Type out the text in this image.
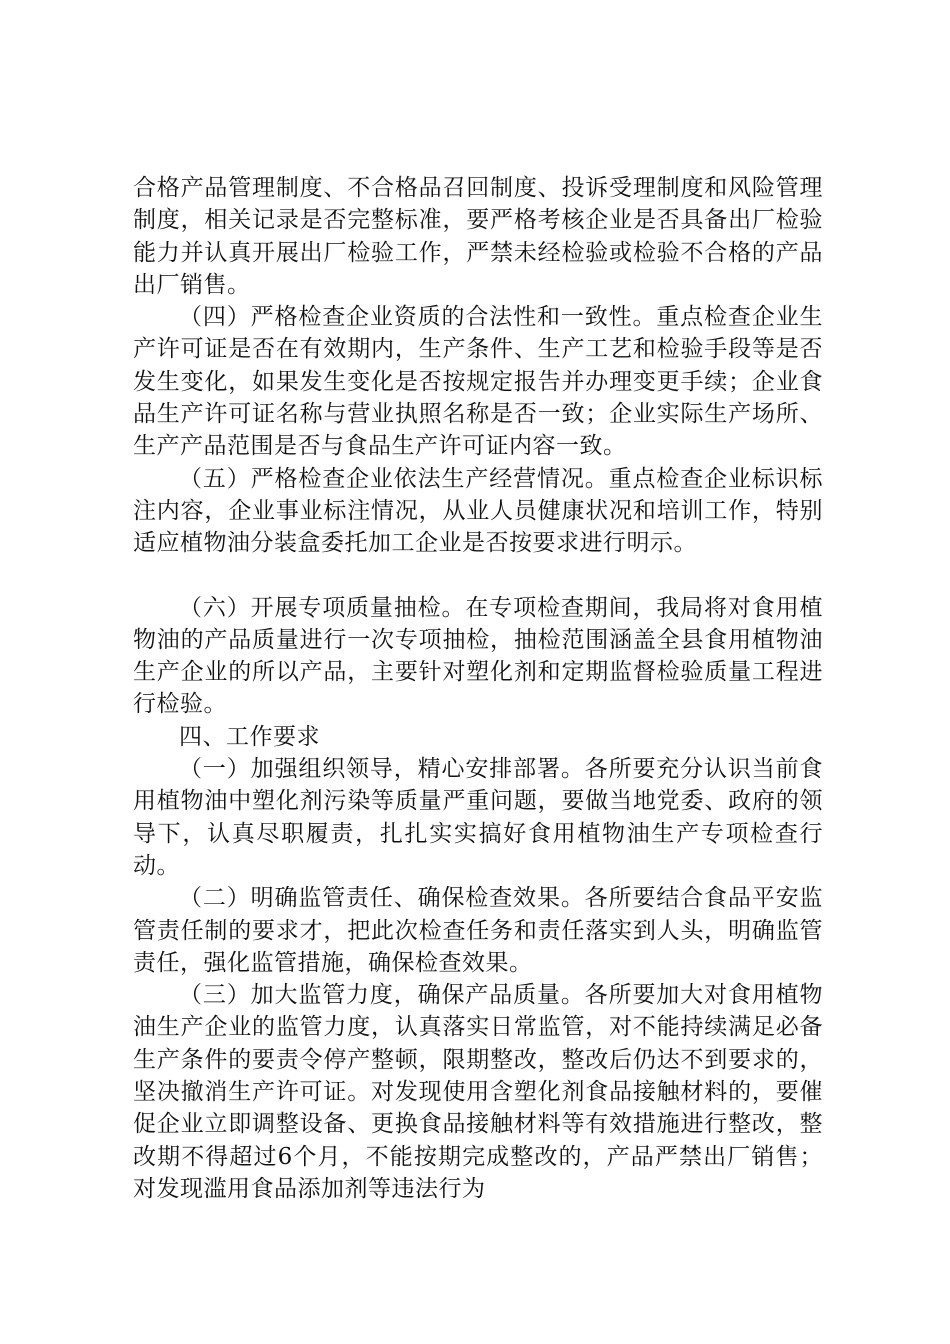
合格产品管理制度、不合格品召回制度、投诉受理制度和风险管理制度，相关记录是否完整标准，要严格考核企业是否具备出厂检验能力并认真开展出厂检验工作，严禁未经检验或检验不合格的产品出厂销售。

（四）严格检查企业资质的合法性和一致性。重点检查企业生产许可证是否在有效期内，生产条件、生产工艺和检验手段等是否发生变化，如果发生变化是否按规定报告并办理变更手续；企业食品生产许可证名称与营业执照名称是否一致；企业实际生产场所、生产产品范围是否与食品生产许可证内容一致。

（五）严格检查企业依法生产经营情况。重点检查企业标识标注内容，企业事业标注情况，从业人员健康状况和培训工作，特别适应植物油分装盒委托加工企业是否按要求进行明示。

（六）开展专项质量抽检。在专项检查期间，我局将对食用植物油的产品质量进行一次专项抽检，抽检范围涵盖全县食用植物油生产企业的所以产品，主要针对塑化剂和定期监督检验质量工程进行检验。

四、工作要求

（一）加强组织领导，精心安排部署。各所要充分认识当前食用植物油中塑化剂污染等质量严重问题，要做当地党委、政府的领导下，认真尽职履责，扎扎实实搞好食用植物油生产专项检查行动。

（二）明确监管责任、确保检查效果。各所要结合食品平安监管责任制的要求才，把此次检查任务和责任落实到人头，明确监管责任，强化监管措施，确保检查效果。

（三）加大监管力度，确保产品质量。各所要加大对食用植物油生产企业的监管力度，认真落实日常监管，对不能持续满足必备生产条件的要责令停产整顿，限期整改，整改后仍达不到要求的，坚决撤消生产许可证。对发现使用含塑化剂食品接触材料的，要催促企业立即调整设备、更换食品接触材料等有效措施进行整改，整改期不得超过6个月，不能按期完成整改的，产品严禁出厂销售；对发现滥用食品添加剂等违法行为
